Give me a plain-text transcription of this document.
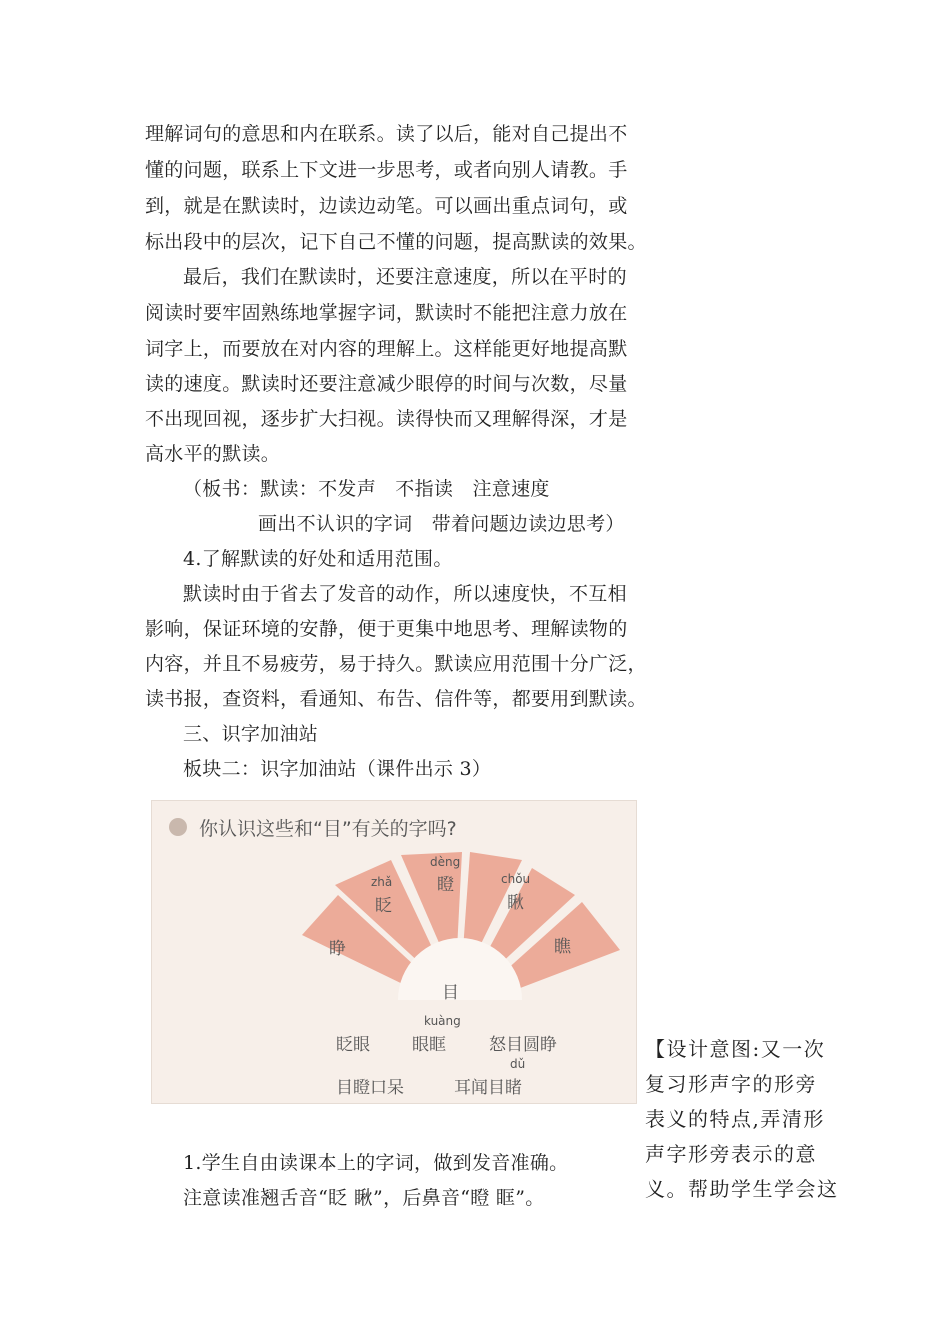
理解词句的意思和内在联系。读了以后，能对自己提出不
懂的问题，联系上下文进一步思考，或者向别人请教。手
到，就是在默读时，边读边动笔。可以画出重点词句，或
标出段中的层次，记下自己不懂的问题，提高默读的效果。
最后，我们在默读时，还要注意速度，所以在平时的
阅读时要牢固熟练地掌握字词，默读时不能把注意力放在
词字上，而要放在对内容的理解上。这样能更好地提高默
读的速度。默读时还要注意减少眼停的时间与次数，尽量
不出现回视，逐步扩大扫视。读得快而又理解得深，才是
高水平的默读。
（板书：默读：不发声　不指读　注意速度
画出不认识的字词　带着问题边读边思考）
4.了解默读的好处和适用范围。
默读时由于省去了发音的动作，所以速度快，不互相
影响，保证环境的安静，便于更集中地思考、理解读物的
内容，并且不易疲劳，易于持久。默读应用范围十分广泛，
读书报，查资料，看通知、布告、信件等，都要用到默读。
三、识字加油站
板块二：识字加油站（课件出示 3）
你认识这些和“目”有关的字吗?
睁
zhǎ
眨
dèng
瞪	chǒu
瞅
瞧
目
眨眼
kuàng
眼眶	怒目圆睁
目瞪口呆
dǔ
耳闻目睹
1.学生自由读课本上的字词，做到发音准确。
注意读准翘舌音“眨 瞅”，后鼻音“瞪 眶”。
【设计意图:又一次
复习形声字的形旁
表义的特点,弄清形
声字形旁表示的意
义。帮助学生学会这
